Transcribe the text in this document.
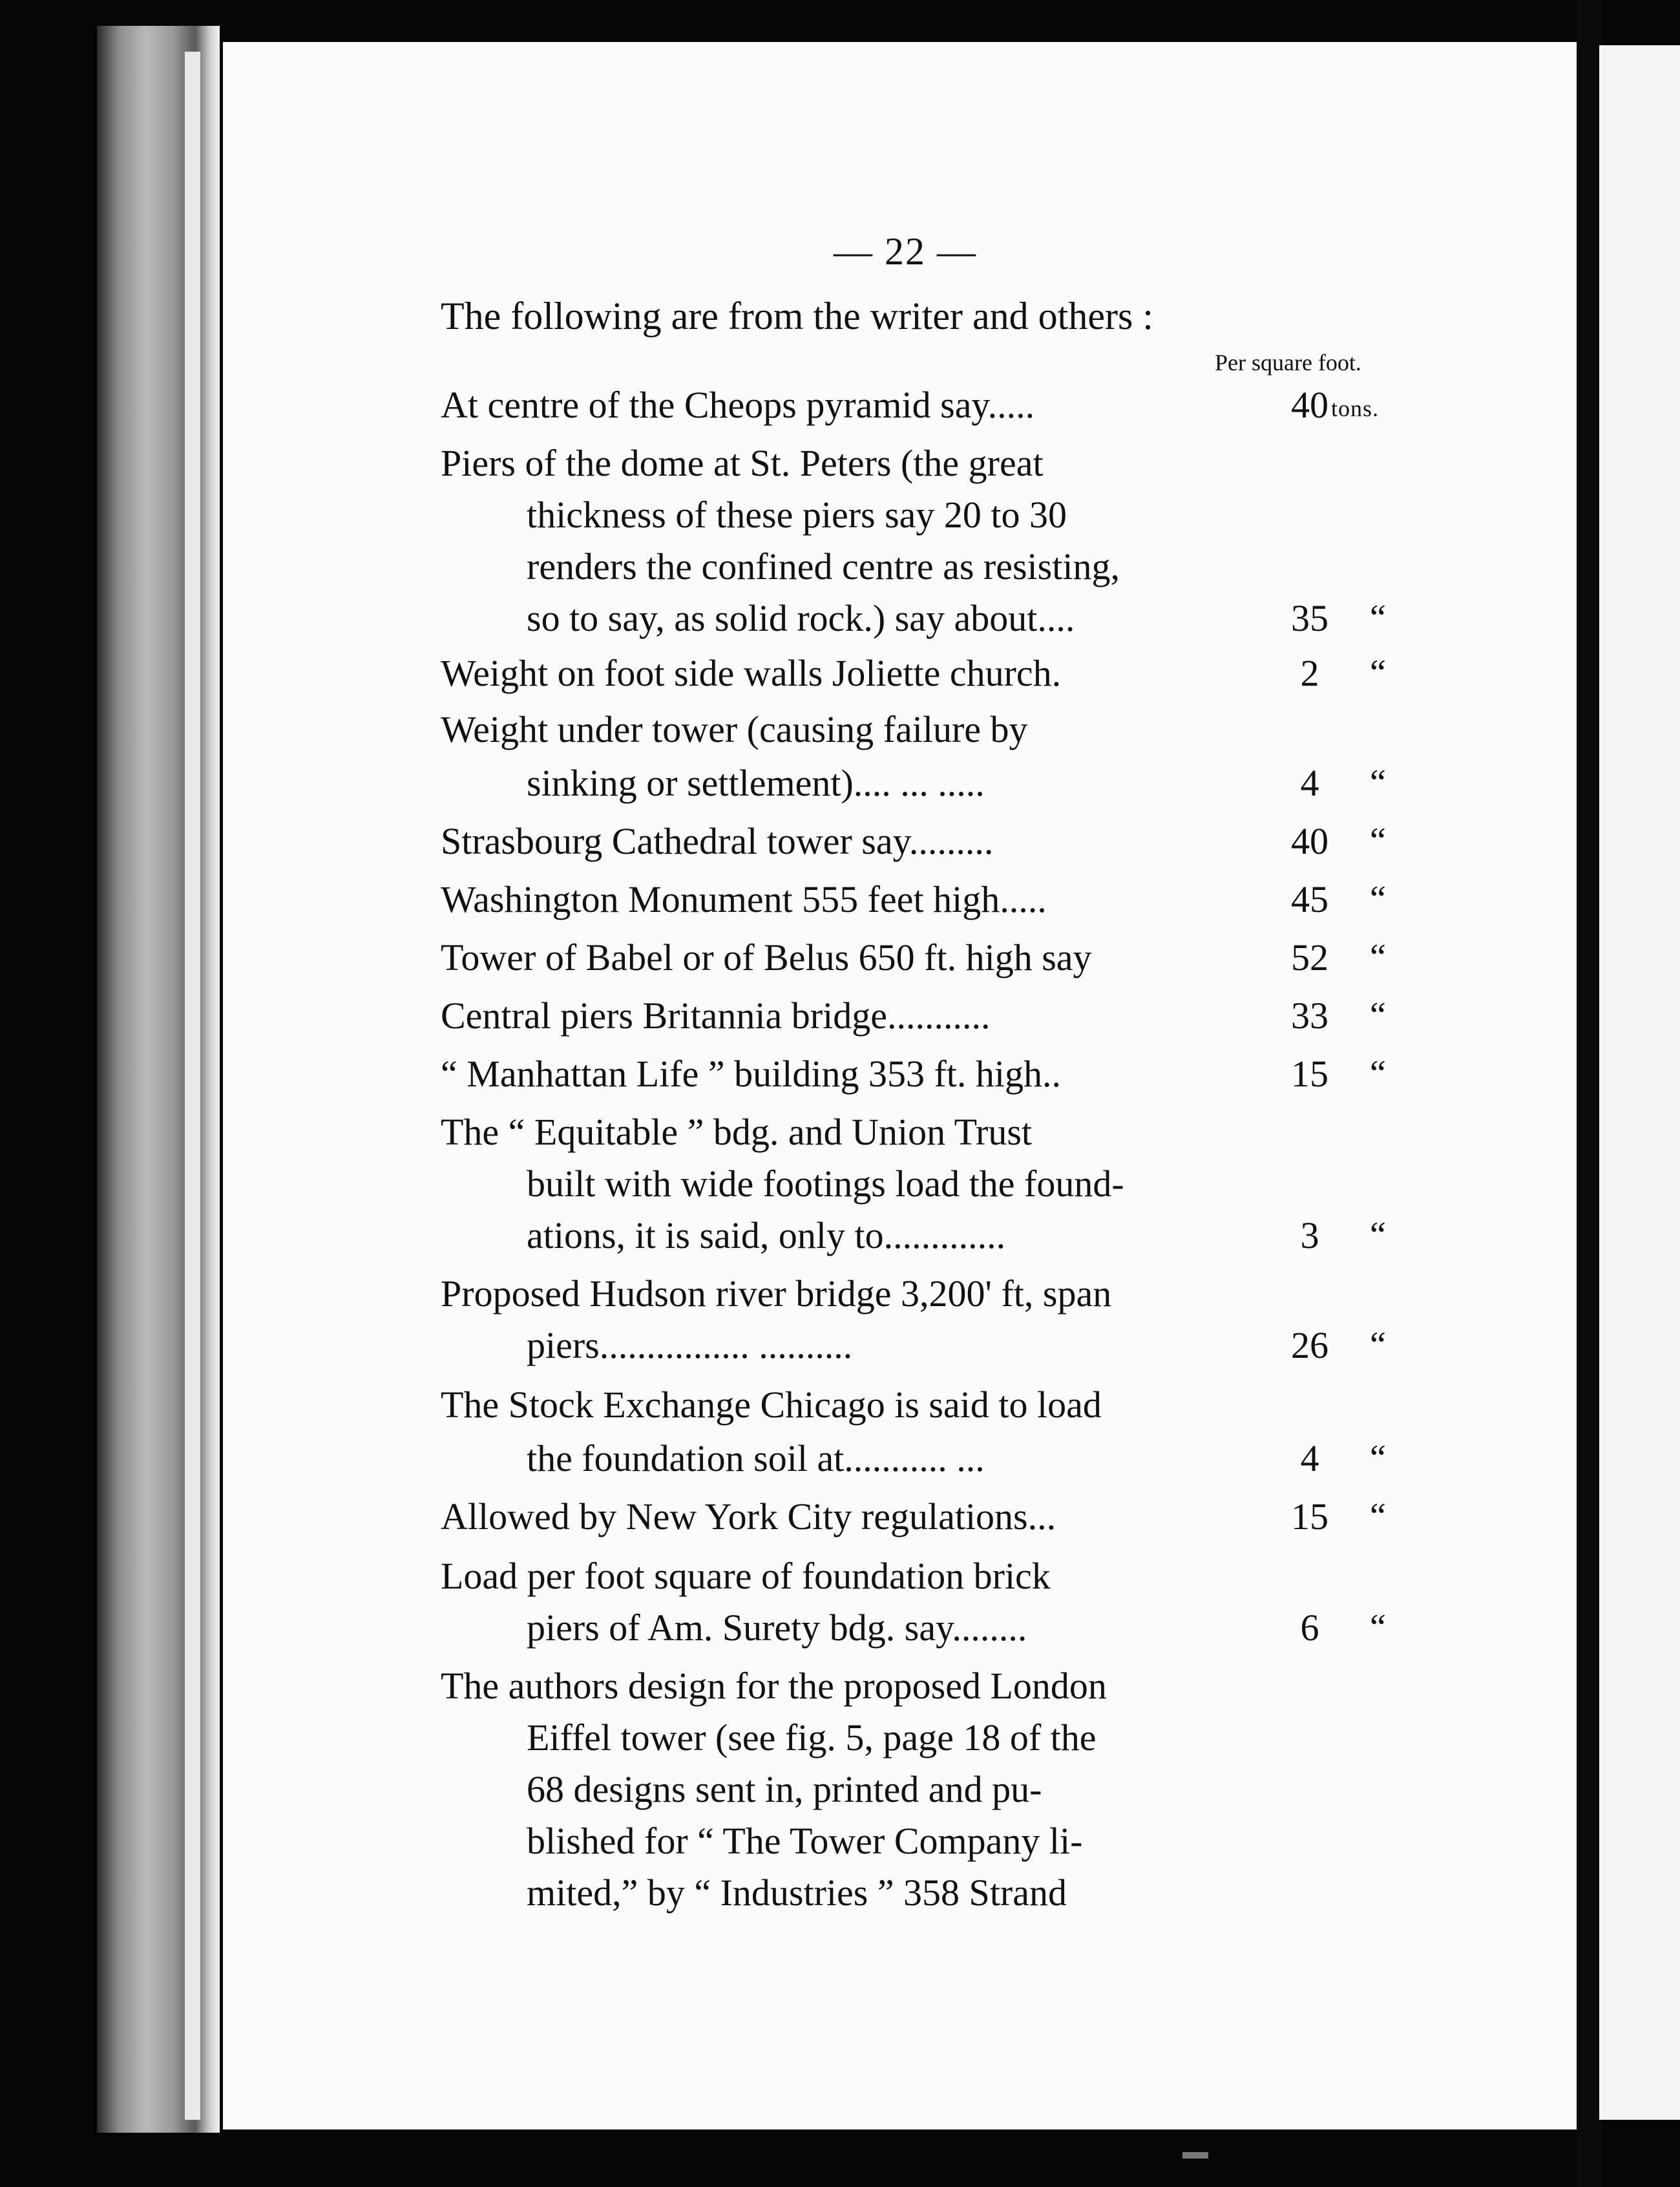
— 22 —
The following are from the writer and others :
Per square foot.
At centre of the Cheops pyramid say.....	40 tons.
Piers of the dome at St. Peters (the great
thickness of these piers say 20 to 30
renders the confined centre as resisting,
so to say, as solid rock.) say about....	35	“
Weight on foot side walls Joliette church.	2	“
Weight under tower (causing failure by
sinking or settlement).... ... .....	4	“
Strasbourg Cathedral tower say.........	40	“
Washington Monument 555 feet high.....	45	“
Tower of Babel or of Belus 650 ft. high say	52	“
Central piers Britannia bridge...........	33	“
“ Manhattan Life ” building 353 ft. high..	15	“
The “ Equitable ” bdg. and Union Trust
built with wide footings load the found-
ations, it is said, only to.............	3	“
Proposed Hudson river bridge 3,200' ft, span
piers................ ..........	26	“
The Stock Exchange Chicago is said to load
the foundation soil at........... ...	4	“
Allowed by New York City regulations...	15	“
Load per foot square of foundation brick
piers of Am. Surety bdg. say........	6	“
The authors design for the proposed London
Eiffel tower (see fig. 5, page 18 of the
68 designs sent in, printed and pu-
blished for “ The Tower Company li-
mited,” by “ Industries ” 358 Strand
